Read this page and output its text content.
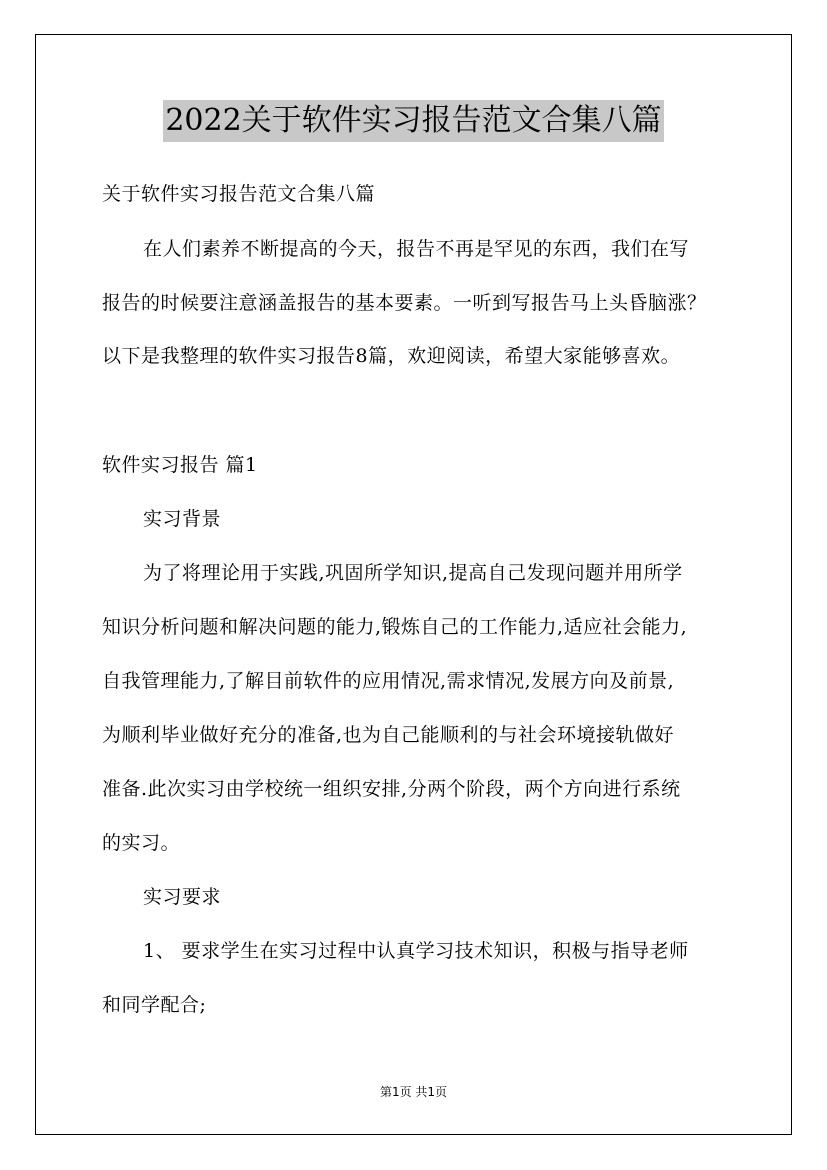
2022关于软件实习报告范文合集八篇
关于软件实习报告范文合集八篇
在人们素养不断提高的今天，报告不再是罕见的东西，我们在写
报告的时候要注意涵盖报告的基本要素。一听到写报告马上头昏脑涨？
以下是我整理的软件实习报告8篇，欢迎阅读，希望大家能够喜欢。
软件实习报告 篇1
实习背景
为了将理论用于实践,巩固所学知识,提高自己发现问题并用所学
知识分析问题和解决问题的能力,锻炼自己的工作能力,适应社会能力,
自我管理能力,了解目前软件的应用情况,需求情况,发展方向及前景,
为顺利毕业做好充分的准备,也为自己能顺利的与社会环境接轨做好
准备.此次实习由学校统一组织安排,分两个阶段，两个方向进行系统
的实习。
实习要求
1、 要求学生在实习过程中认真学习技术知识，积极与指导老师
和同学配合;
第1页 共1页
